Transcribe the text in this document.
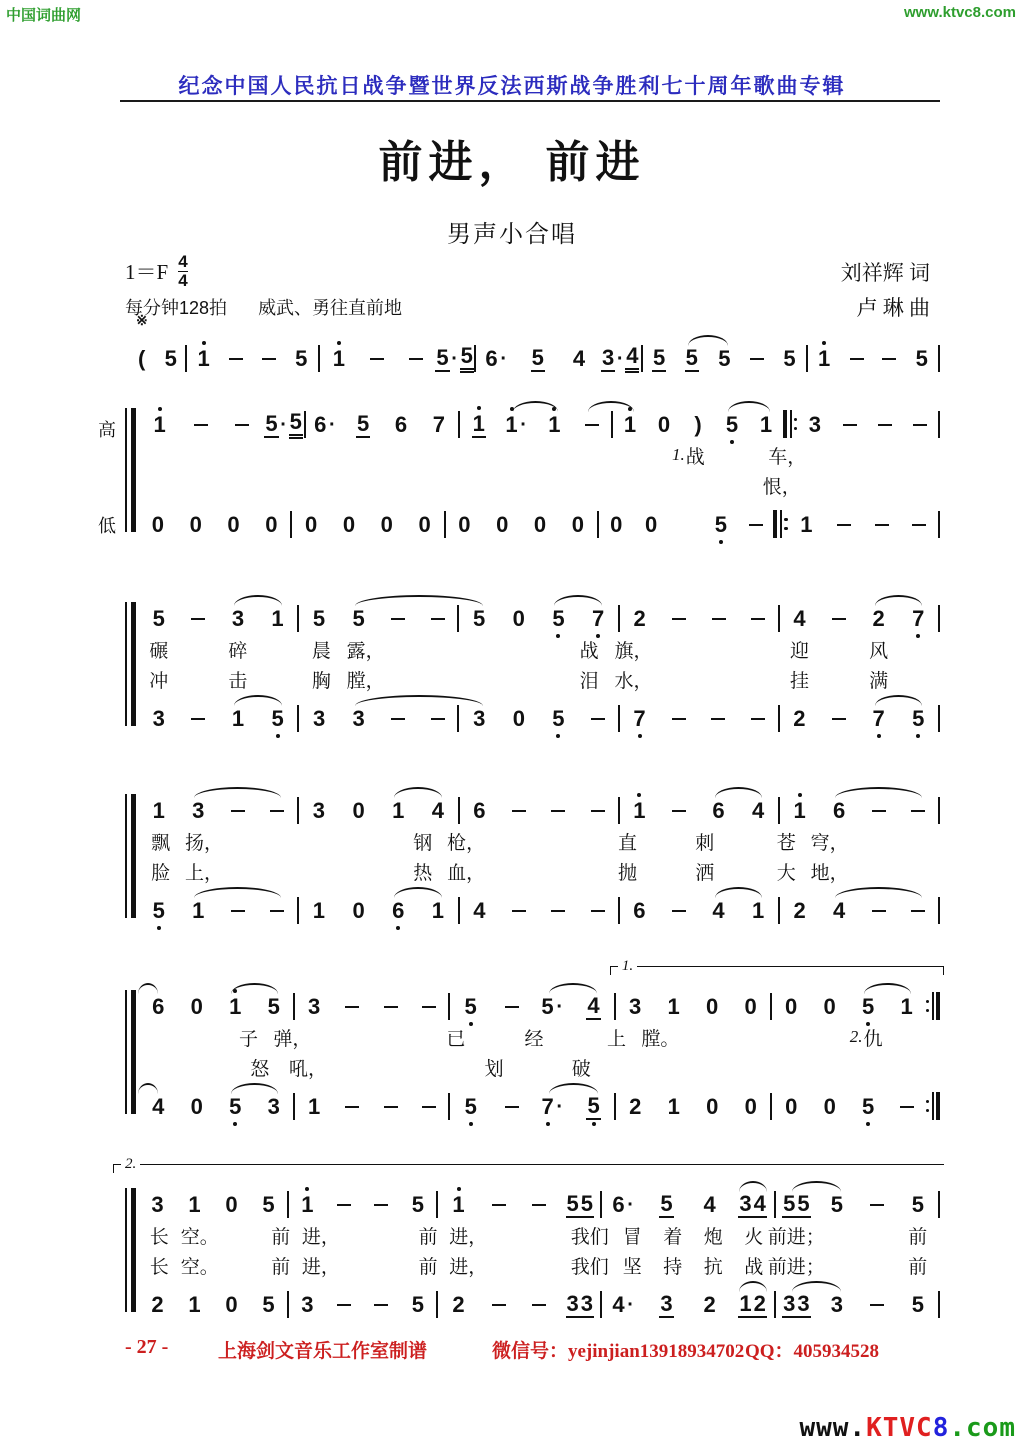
中国词曲网	www.ktvc8.com
纪念中国人民抗日战争暨世界反法西斯战争胜利七十周年歌曲专辑
前进， 前进
男声小合唱
1＝F 4
4
每分钟128拍 威武、勇往直前地
刘祥辉 词
卢 琳 曲
※
( 5 1	5 1	5 · 5 6 · 5 4 3 · 4 5 5 5 5 1	5
高
低
1	5 · 5 6 · 5 6 7 1 1 · 1	1 0 ) 5 1 3
1. 战	车，
恨，
0 0 0 0 0 0 0 0 0 0 0 0 0 0	5	1
5	3 1 5 5	5 0 5 7 2	4	2 7
碾	碎	晨 露，	战 旗，	迎	风
冲	击	胸 膛，	泪 水，	挂	满
3	1 5 3 3	3 0 5	7	2	7 5
1 3	3 0 1 4 6	1	6 4 1 6
飘 扬，	钢 枪，	直	刺	苍 穹，
脸 上，	热 血，	抛	洒	大 地，
5 1	1 0 6 1 4	6	4 1 2 4
1.
6 0 1 5 3	5	5 · 4 3 1 0 0 0 0 5 1
子 弹，	已	经	上 膛。	2. 仇
怒	吼，	划	破
4 0 5 3 1	5	7 · 5 2 1 0 0 0 0 5
2.
3 1 0 5 1	5 1	5 5 6 · 5 4 3 4 5 5 5	5
长 空。	前 进，	前 进，	我们 冒	着	炮	火 前进；	前
长 空。	前 进，	前 进，	我们 坚	持	抗	战 前进；	前
2 1 0 5 3	5 2	3 3 4 · 3 2 1 2 3 3 3	5
- 27 -	上海剑文音乐工作室制谱	微信号：yejinjian13918934702 QQ：405934528
www.KTVC8.com
